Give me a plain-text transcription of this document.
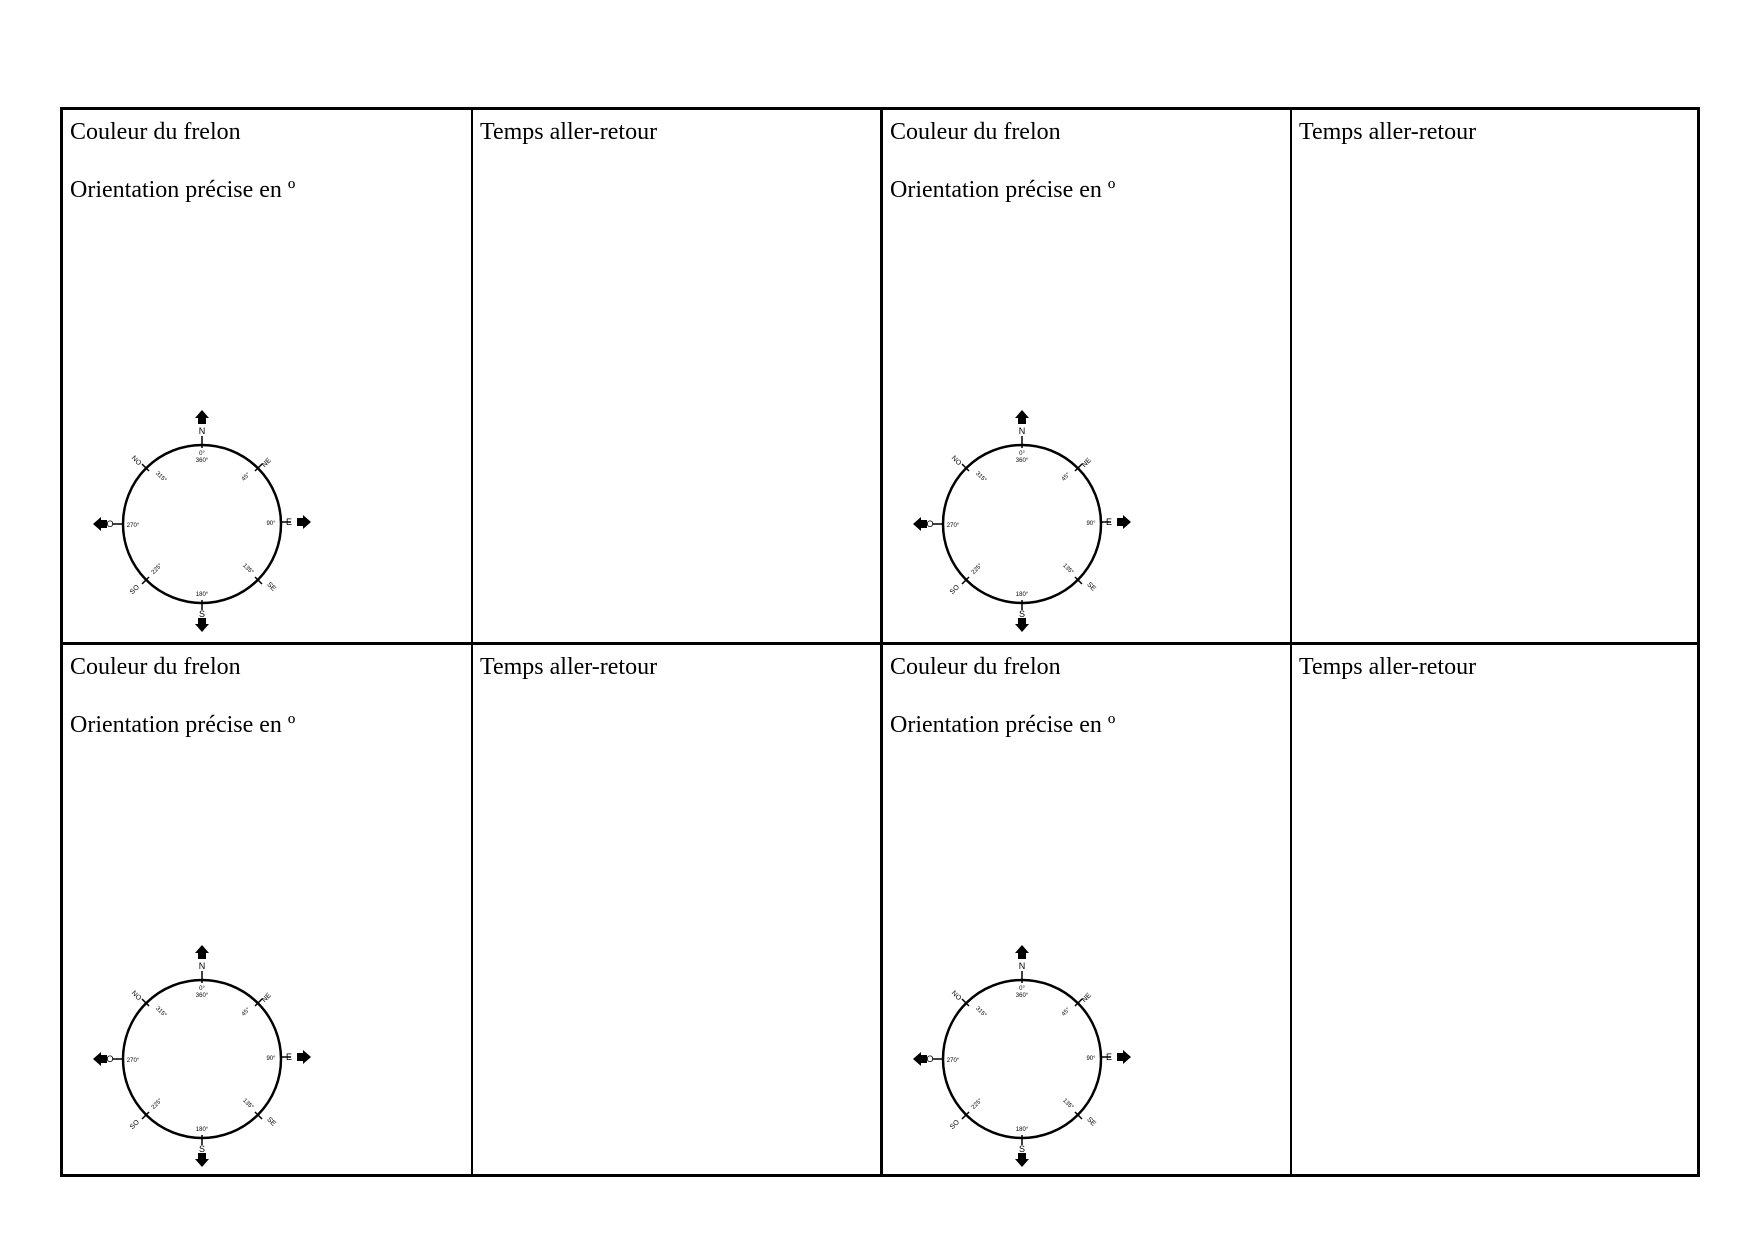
Couleur du frelon
Orientation précise en º
N
0°
360°
S
180°
E
90°
O 270°
NE
45°
SE
135°
SO
225°
NO
315°
Temps aller-retour	Couleur du frelon
Orientation précise en º
N
0°
360°
S
180°
E
90°
O 270°
NE
45°
SE
135°
SO
225°
NO
315°
Temps aller-retour
Couleur du frelon
Orientation précise en º
N
0°
360°
S
180°
E
90°
O 270°
NE
45°
SE
135°
SO
225°
NO
315°
Temps aller-retour	Couleur du frelon
Orientation précise en º
N
0°
360°
S
180°
E
90°
O 270°
NE
45°
SE
135°
SO
225°
NO
315°
Temps aller-retour
